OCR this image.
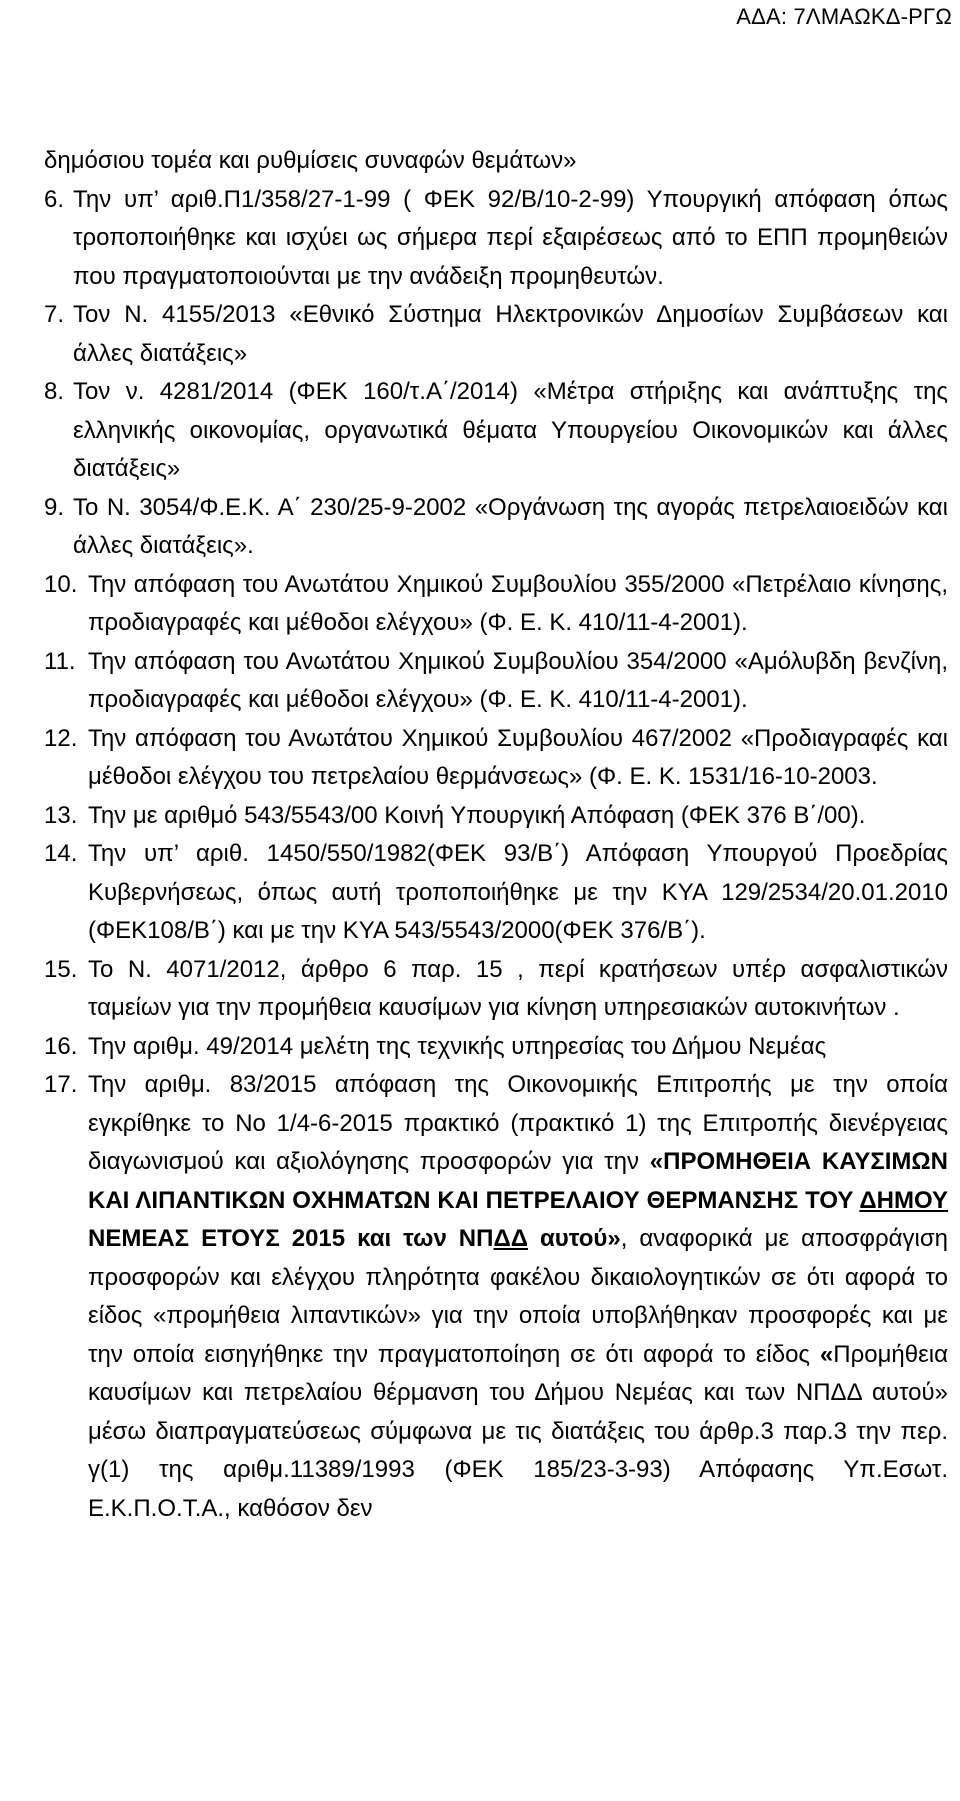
ΑΔΑ: 7ΛΜΑΩΚΔ-ΡΓΩ

δημόσιου τομέα και ρυθμίσεις συναφών θεμάτων»

6. Την υπ’ αριθ.Π1/358/27-1-99 ( ΦΕΚ 92/Β/10-2-99) Υπουργική απόφαση όπως τροποποιήθηκε και ισχύει ως σήμερα περί εξαιρέσεως από το ΕΠΠ προμηθειών που πραγματοποιούνται με την ανάδειξη προμηθευτών.
7. Τον Ν. 4155/2013 «Εθνικό Σύστημα Ηλεκτρονικών Δημοσίων Συμβάσεων και άλλες διατάξεις»
8. Τον ν. 4281/2014 (ΦΕΚ 160/τ.Α΄/2014) «Μέτρα στήριξης και ανάπτυξης της ελληνικής οικονομίας, οργανωτικά θέματα Υπουργείου Οικονομικών και άλλες διατάξεις»
9. Το Ν. 3054/Φ.Ε.Κ. Α΄ 230/25-9-2002 «Οργάνωση της αγοράς πετρελαιοειδών και άλλες διατάξεις».
10. Την απόφαση του Ανωτάτου Χημικού Συμβουλίου 355/2000 «Πετρέλαιο κίνησης, προδιαγραφές και μέθοδοι ελέγχου» (Φ. Ε. Κ. 410/11-4-2001).
11. Την απόφαση του Ανωτάτου Χημικού Συμβουλίου 354/2000 «Αμόλυβδη βενζίνη, προδιαγραφές και μέθοδοι ελέγχου» (Φ. Ε. Κ. 410/11-4-2001).
12. Την απόφαση του Ανωτάτου Χημικού Συμβουλίου 467/2002 «Προδιαγραφές και μέθοδοι ελέγχου του πετρελαίου θερμάνσεως» (Φ. Ε. Κ. 1531/16-10-2003.
13. Την με αριθμό 543/5543/00 Κοινή Υπουργική Απόφαση (ΦΕΚ 376 Β΄/00).
14. Την υπ’ αριθ. 1450/550/1982(ΦΕΚ 93/Β΄) Απόφαση Υπουργού Προεδρίας Κυβερνήσεως, όπως αυτή τροποποιήθηκε με την ΚΥΑ 129/2534/20.01.2010 (ΦΕΚ108/Β΄) και με την ΚΥΑ 543/5543/2000(ΦΕΚ 376/Β΄).
15. Το Ν. 4071/2012, άρθρο 6 παρ. 15 , περί κρατήσεων υπέρ ασφαλιστικών ταμείων για την προμήθεια καυσίμων για κίνηση υπηρεσιακών αυτοκινήτων .
16. Την αριθμ. 49/2014 μελέτη της τεχνικής υπηρεσίας του Δήμου Νεμέας
17. Την αριθμ. 83/2015 απόφαση της Οικονομικής Επιτροπής με την οποία εγκρίθηκε το Νο 1/4-6-2015 πρακτικό (πρακτικό 1) της Επιτροπής διενέργειας διαγωνισμού και αξιολόγησης προσφορών για την «ΠΡΟΜΗΘΕΙΑ ΚΑΥΣΙΜΩΝ ΚΑΙ ΛΙΠΑΝΤΙΚΩΝ ΟΧΗΜΑΤΩΝ ΚΑΙ ΠΕΤΡΕΛΑΙΟΥ ΘΕΡΜΑΝΣΗΣ ΤΟΥ ΔΗΜΟΥ ΝΕΜΕΑΣ ΕΤΟΥΣ 2015 και των ΝΠΔΔ αυτού», αναφορικά με αποσφράγιση προσφορών και ελέγχου πληρότητα φακέλου δικαιολογητικών σε ότι αφορά το είδος «προμήθεια λιπαντικών» για την οποία υποβλήθηκαν προσφορές και με την οποία εισηγήθηκε την πραγματοποίηση σε ότι αφορά το είδος «Προμήθεια καυσίμων και πετρελαίου θέρμανση του Δήμου Νεμέας και των ΝΠΔΔ αυτού» μέσω διαπραγματεύσεως σύμφωνα με τις διατάξεις του άρθρ.3 παρ.3 την περ. γ(1) της αριθμ.11389/1993 (ΦΕΚ 185/23-3-93) Απόφασης Υπ.Εσωτ. Ε.Κ.Π.Ο.Τ.Α., καθόσον δεν
